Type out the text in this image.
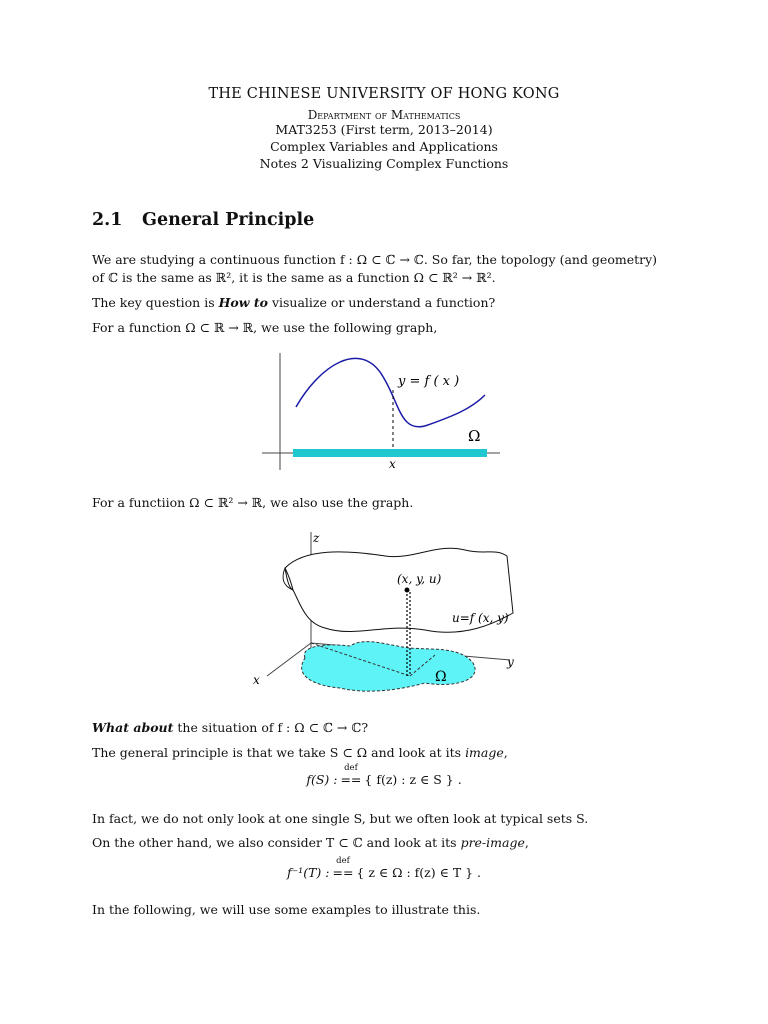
THE CHINESE UNIVERSITY OF HONG KONG
Department of Mathematics
MAT3253 (First term, 2013–2014)
Complex Variables and Applications
Notes 2 Visualizing Complex Functions
2.1 General Principle
We are studying a continuous function f : Ω ⊂ ℂ → ℂ. So far, the topology (and geometry)
of ℂ is the same as ℝ², it is the same as a function Ω ⊂ ℝ² → ℝ².
The key question is How to visualize or understand a function?
For a function Ω ⊂ ℝ → ℝ, we use the following graph,
y = f ( x )
Ω
x
For a functiion Ω ⊂ ℝ² → ℝ, we also use the graph.
z
(x, y, u)
u=f (x, y)
y
x	Ω
What about the situation of f : Ω ⊂ ℂ → ℂ?
The general principle is that we take S ⊂ Ω and look at its image,
f(S) :
def
== { f(z) : z ∈ S } .
In fact, we do not only look at one single S, but we often look at typical sets S.
On the other hand, we also consider T ⊂ ℂ and look at its pre-image,
f⁻¹(T) :
def
== { z ∈ Ω : f(z) ∈ T } .
In the following, we will use some examples to illustrate this.
